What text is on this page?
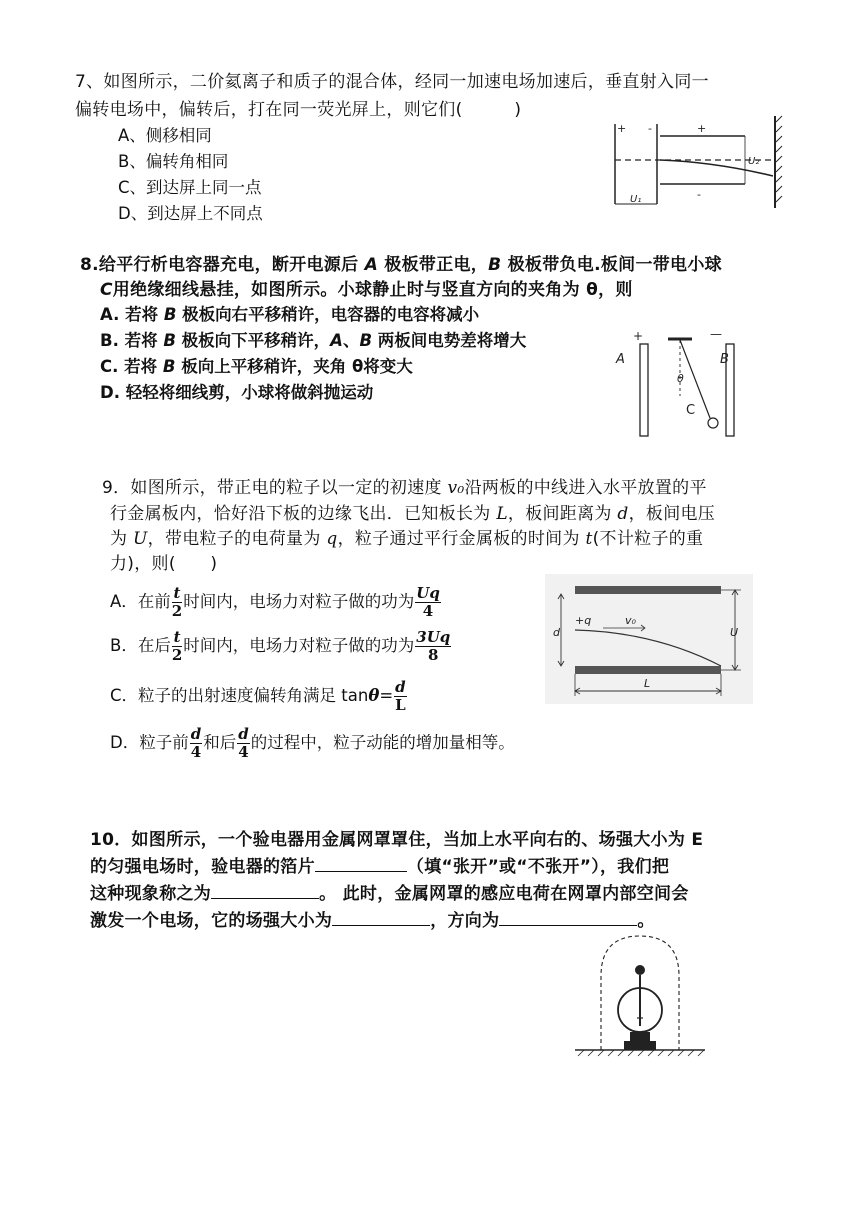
7、如图所示，二价氦离子和质子的混合体，经同一加速电场加速后，垂直射入同一
偏转电场中，偏转后，打在同一荧光屏上，则它们(　　　)
A、侧移相同
B、偏转角相同
C、到达屏上同一点
D、到达屏上不同点
+ -	+
-
U₂
U₁
8.给平行析电容器充电，断开电源后 A 极板带正电，B 极板带负电.板间一带电小球
C用绝缘细线悬挂，如图所示。小球静止时与竖直方向的夹角为 θ，则
A. 若将 B 极板向右平移稍许，电容器的电容将减小
B. 若将 B 极板向下平移稍许，A、B 两板间电势差将增大
C. 若将 B 板向上平移稍许，夹角 θ将变大
D. 轻轻将细线剪，小球将做斜抛运动
+	—
A	B
θ
C
9．如图所示，带正电的粒子以一定的初速度 v₀沿两板的中线进入水平放置的平
行金属板内，恰好沿下板的边缘飞出．已知板长为 L，板间距离为 d，板间电压
为 U，带电粒子的电荷量为 q，粒子通过平行金属板的时间为 t(不计粒子的重
力)，则(　　)
A．在前 $\frac{t}{2}$ 时间内，电场力对粒子做的功为 $\frac{Uq}{4}$
B．在后 $\frac{t}{2}$ 时间内，电场力对粒子做的功为 $\frac{3Uq}{8}$
C．粒子的出射速度偏转角满足 $\tan\theta= \frac{d}{L}$
D．粒子前 $\frac{d}{4}$ 和后 $\frac{d}{4}$ 的过程中，粒子动能的增加量相等。
d	U
+q	v₀
L
10．如图所示，一个验电器用金属网罩罩住，当加上水平向右的、场强大小为 E
的匀强电场时，验电器的箔片	（填“张开”或“不张开”），我们把
这种现象称之为	。 此时，金属网罩的感应电荷在网罩内部空间会
激发一个电场，它的场强大小为	，方向为	。
